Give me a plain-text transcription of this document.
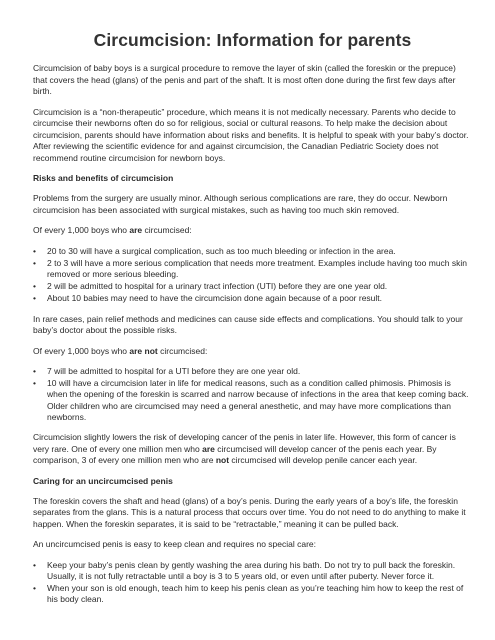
Circumcision: Information for parents

Circumcision of baby boys is a surgical procedure to remove the layer of skin (called the foreskin or the prepuce) that covers the head (glans) of the penis and part of the shaft. It is most often done during the first few days after birth.

Circumcision is a “non-therapeutic” procedure, which means it is not medically necessary. Parents who decide to circumcise their newborns often do so for religious, social or cultural reasons. To help make the decision about circumcision, parents should have information about risks and benefits. It is helpful to speak with your baby’s doctor. After reviewing the scientific evidence for and against circumcision, the Canadian Pediatric Society does not recommend routine circumcision for newborn boys.

Risks and benefits of circumcision

Problems from the surgery are usually minor. Although serious complications are rare, they do occur. Newborn circumcision has been associated with surgical mistakes, such as having too much skin removed.

Of every 1,000 boys who are circumcised:

• 20 to 30 will have a surgical complication, such as too much bleeding or infection in the area.
• 2 to 3 will have a more serious complication that needs more treatment. Examples include having too much skin removed or more serious bleeding.
• 2 will be admitted to hospital for a urinary tract infection (UTI) before they are one year old.
• About 10 babies may need to have the circumcision done again because of a poor result.

In rare cases, pain relief methods and medicines can cause side effects and complications. You should talk to your baby’s doctor about the possible risks.

Of every 1,000 boys who are not circumcised:

• 7 will be admitted to hospital for a UTI before they are one year old.
• 10 will have a circumcision later in life for medical reasons, such as a condition called phimosis. Phimosis is when the opening of the foreskin is scarred and narrow because of infections in the area that keep coming back. Older children who are circumcised may need a general anesthetic, and may have more complications than newborns.

Circumcision slightly lowers the risk of developing cancer of the penis in later life. However, this form of cancer is very rare. One of every one million men who are circumcised will develop cancer of the penis each year. By comparison, 3 of every one million men who are not circumcised will develop penile cancer each year.

Caring for an uncircumcised penis

The foreskin covers the shaft and head (glans) of a boy’s penis. During the early years of a boy’s life, the foreskin separates from the glans. This is a natural process that occurs over time. You do not need to do anything to make it happen. When the foreskin separates, it is said to be “retractable,” meaning it can be pulled back.

An uncircumcised penis is easy to keep clean and requires no special care:

• Keep your baby’s penis clean by gently washing the area during his bath. Do not try to pull back the foreskin. Usually, it is not fully retractable until a boy is 3 to 5 years old, or even until after puberty. Never force it.
• When your son is old enough, teach him to keep his penis clean as you’re teaching him how to keep the rest of his body clean.
